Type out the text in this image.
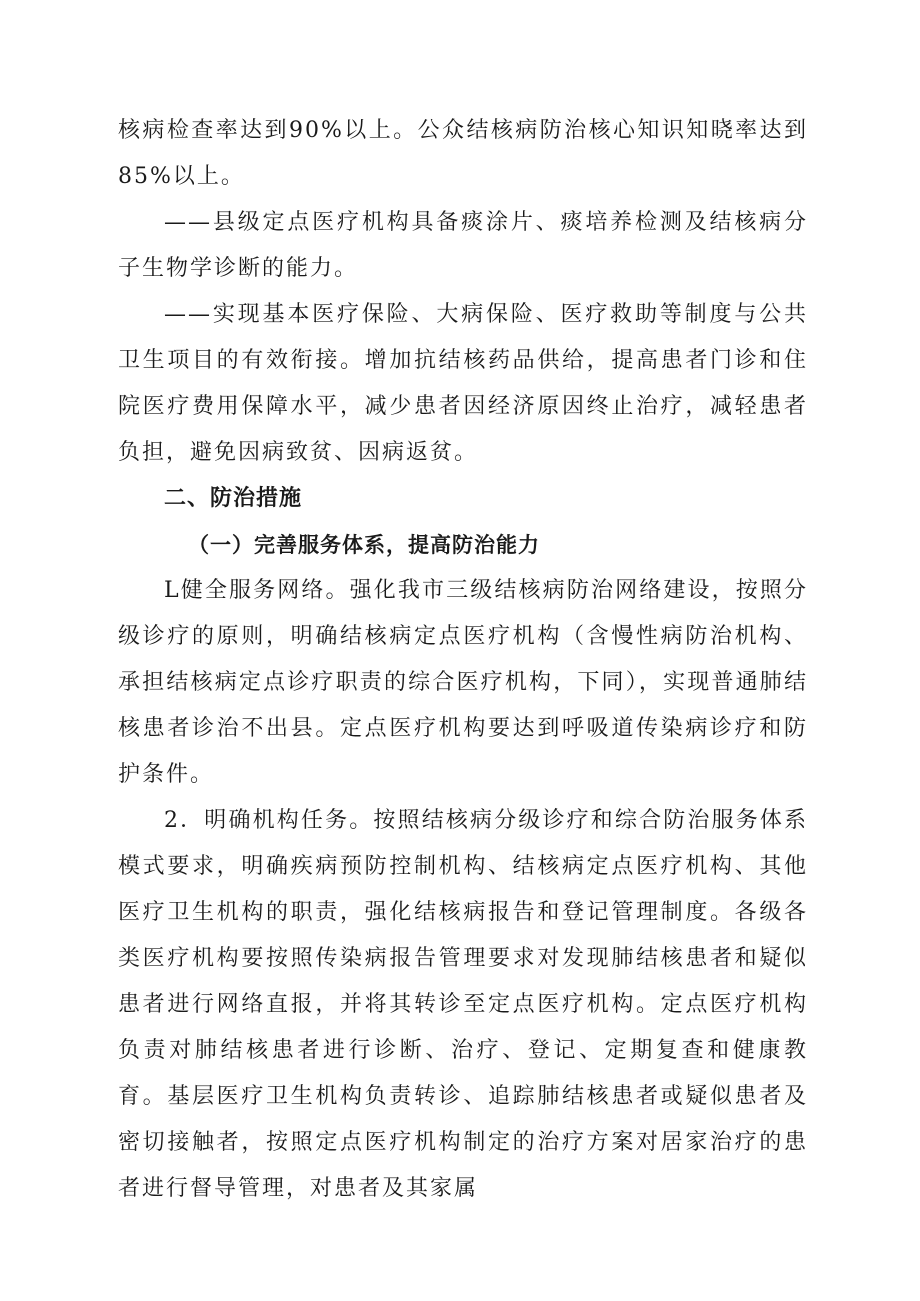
核病检查率达到90%以上。公众结核病防治核心知识知晓率达到85%以上。

——县级定点医疗机构具备痰涂片、痰培养检测及结核病分子生物学诊断的能力。

——实现基本医疗保险、大病保险、医疗救助等制度与公共卫生项目的有效衔接。增加抗结核药品供给，提高患者门诊和住院医疗费用保障水平，减少患者因经济原因终止治疗，减轻患者负担，避免因病致贫、因病返贫。

二、防治措施

（一）完善服务体系，提高防治能力

L健全服务网络。强化我市三级结核病防治网络建设，按照分级诊疗的原则，明确结核病定点医疗机构（含慢性病防治机构、承担结核病定点诊疗职责的综合医疗机构，下同），实现普通肺结核患者诊治不出县。定点医疗机构要达到呼吸道传染病诊疗和防护条件。

2．明确机构任务。按照结核病分级诊疗和综合防治服务体系模式要求，明确疾病预防控制机构、结核病定点医疗机构、其他医疗卫生机构的职责，强化结核病报告和登记管理制度。各级各类医疗机构要按照传染病报告管理要求对发现肺结核患者和疑似患者进行网络直报，并将其转诊至定点医疗机构。定点医疗机构负责对肺结核患者进行诊断、治疗、登记、定期复查和健康教育。基层医疗卫生机构负责转诊、追踪肺结核患者或疑似患者及密切接触者，按照定点医疗机构制定的治疗方案对居家治疗的患者进行督导管理，对患者及其家属
